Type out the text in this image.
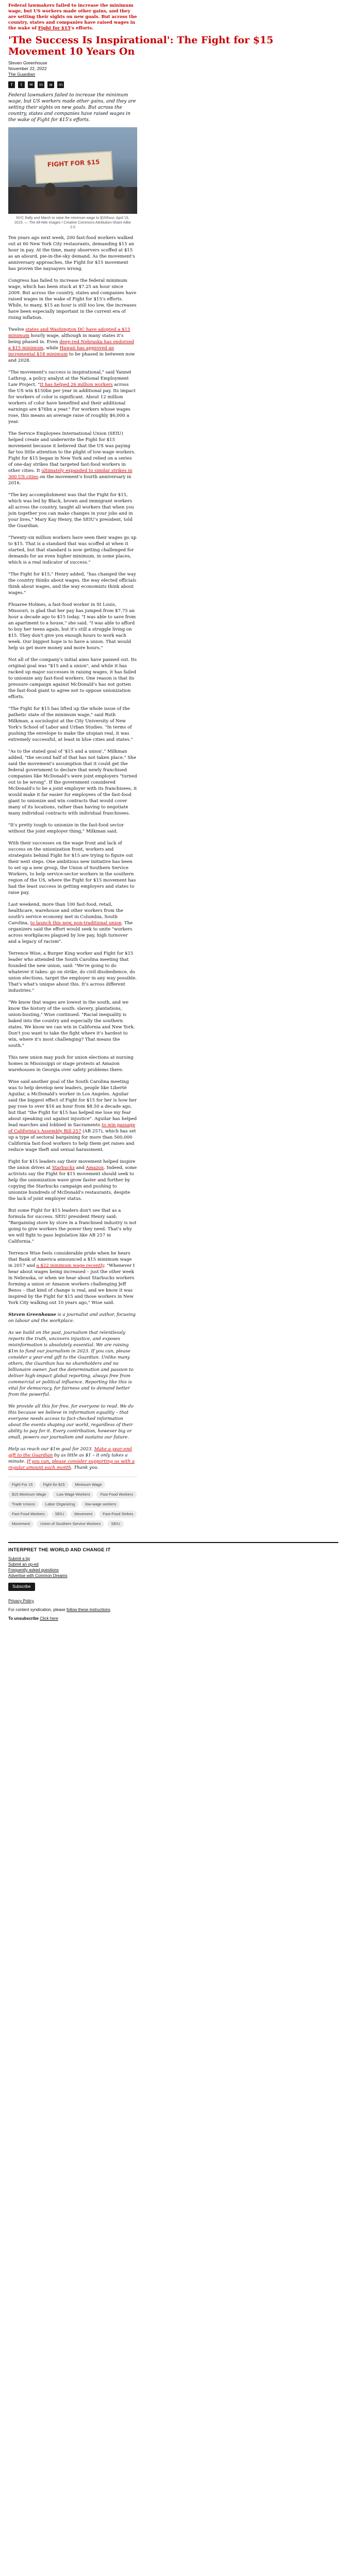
Federal lawmakers failed to increase the minimum wage, but US workers made other gains, and they are setting their sights on new goals. But across the country, states and companies have raised wages in the wake of Fight for $15's efforts.

'The Success Is Inspirational': The Fight for $15 Movement 10 Years On

Steven Greenhouse

November 22, 2022

The Guardian

f	t	✉	in	w	m

Federal lawmakers failed to increase the minimum wage, but US workers made other gains, and they are setting their sights on new goals. But across the country, states and companies have raised wages in the wake of Fight for $15's efforts.

FIGHT FOR $15

NYC Rally and March to raise the minimum wage to $15/hour, April 15, 2015. — The All-Nite Images / Creative Commons Attribution-Share Alike 2.0

Ten years ago next week, 200 fast-food workers walked out at 60 New York City restaurants, demanding $15 an hour in pay. At the time, many observers scoffed at $15 as an absurd, pie-in-the-sky demand. As the movement's anniversary approaches, the Fight for $15 movement has proven the naysayers wrong.

Congress has failed to increase the federal minimum wage, which has been stuck at $7.25 an hour since 2009. But across the country, states and companies have raised wages in the wake of Fight for $15's efforts. While, to many, $15 an hour is still too low, the increases have been especially important in the current era of rising inflation.

Twelve states and Washington DC have adopted a $15 minimum hourly wage, although in many states it's being phased in. Even deep-red Nebraska has endorsed a $15 minimum, while Hawaii has approved an incremental $18 minimum to be phased in between now and 2028.

"The movement's success is inspirational," said Yannet Lathrop, a policy analyst at the National Employment Law Project. "It has helped 26 million workers across the US win $150bn per year in additional pay. Its impact for workers of color is significant. About 12 million workers of color have benefited and their additional earnings are $76bn a year." For workers whose wages rose, this means an average raise of roughly $6,000 a year.

The Service Employees International Union (SEIU) helped create and underwrite the Fight for $15 movement because it believed that the US was paying far too little attention to the plight of low-wage workers. Fight for $15 began in New York and relied on a series of one-day strikes that targeted fast-food workers in other cities. It ultimately expanded to similar strikes in 300 US cities on the movement's fourth anniversary in 2016.

"The key accomplishment was that the Fight for $15, which was led by Black, brown and immigrant workers all across the country, taught all workers that when you join together you can make changes in your jobs and in your lives," Mary Kay Henry, the SEIU's president, told the Guardian.

"Twenty-six million workers have seen their wages go up to $15. That is a standard that was scoffed at when it started, but that standard is now getting challenged for demands for an even higher minimum, in some places, which is a real indicator of success."

"The Fight for $15," Henry added, "has changed the way the country thinks about wages, the way elected officials think about wages, and the way economists think about wages."

Fhuaree Holmes, a fast-food worker in St Louis, Missouri, is glad that her pay has jumped from $7.75 an hour a decade ago to $15 today. "I was able to save from an apartment to a house," she said. "I was able to afford to buy her teens again, but it's still a struggle living on $15. They don't give you enough hours to work each week. Our biggest hope is to have a union. That would help us get more money and more hours."

Not all of the company's initial aims have panned out. Its original goal was "$15 and a union", and while it has racked up major successes in raising wages, it has failed to unionize any fast-food workers. One reason is that its pressure campaign against McDonald's has not gotten the fast-food giant to agree not to oppose unionization efforts.

"The Fight for $15 has lifted up the whole issue of the pathetic state of the minimum wage," said Ruth Milkman, a sociologist at the City University of New York's School of Labor and Urban Studies. "In terms of pushing the envelope to make the utopian real, it was extremely successful, at least in blue cities and states."

"As to the stated goal of '$15 and a union'," Milkman added, "the second half of that has not taken place." She said the movement's assumption that it could get the federal government to declare that newly franchised companies like McDonald's were joint employers "turned out to be wrong". If the government considered McDonald's to be a joint employer with its franchisees, it would make it far easier for employees of the fast-food giant to unionize and win contracts that would cover many of its locations, rather than having to negotiate many individual contracts with individual franchisees.

"It's pretty tough to unionize in the fast-food sector without the joint employer thing," Milkman said.

With their successes on the wage front and lack of success on the unionization front, workers and strategists behind Fight for $15 are trying to figure out their next steps. One ambitious new initiative has been to set up a new group, the Union of Southern Service Workers, to help service-sector workers in the southern region of the US, where the Fight for $15 movement has had the least success in getting employers and states to raise pay.

Last weekend, more than 100 fast-food, retail, healthcare, warehouse and other workers from the south's service economy met in Columbia, South Carolina, to launch this new, non-traditional union. The organizers said the effort would seek to unite "workers across workplaces plagued by low pay, high turnover and a legacy of racism".

Terrence Wise, a Burger King worker and Fight for $15 leader who attended the South Carolina meeting that founded the new union, said: "We're going to do whatever it takes: go on strike, do civil disobedience, do union elections, target the employer in any way possible. That's what's unique about this. It's across different industries."

"We know that wages are lowest in the south, and we know the history of the south: slavery, plantations, union-busting," Wise continued. "Racial inequality is baked into the country and especially the southern states. We know we can win in California and New York. Don't you want to take the fight where it's hardest to win, where it's most challenging? That means the south."

This new union may push for union elections at nursing homes in Mississippi or stage protests at Amazon warehouses in Georgia over safety problems there.

Wise said another goal of the South Carolina meeting was to help develop new leaders, people like Liberté Aguilar, a McDonald's worker in Los Angeles. Aguilar said the biggest effect of Fight for $15 for her is how her pay rose to over $16 an hour from $8.50 a decade ago, but that "the Fight for $15 has helped me lose my fear about speaking out against injustice". Aguilar has helped lead marches and lobbied in Sacramento to win passage of California's Assembly Bill 257 (AB 257), which has set up a type of sectoral bargaining for more than 500,000 California fast-food workers to help them get raises and reduce wage theft and sexual harassment.

Fight for $15 leaders say their movement helped inspire the union drives at Starbucks and Amazon. Indeed, some activists say the Fight for $15 movement should seek to help the unionization wave grow faster and further by copying the Starbucks campaign and pushing to unionize hundreds of McDonald's restaurants, despite the lack of joint employer status.

But some Fight for $15 leaders don't see that as a formula for success. SEIU president Henry said: "Bargaining store by store in a franchised industry is not going to give workers the power they need. That's why we will fight to pass legislation like AB 257 in California."

Terrence Wise feels considerable pride when he hears that Bank of America announced a $15 minimum wage in 2017 and a $22 minimum wage recently. "Whenever I hear about wages being increased – just the other week in Nebraska, or when we hear about Starbucks workers forming a union or Amazon workers challenging Jeff Bezos – that kind of change is real, and we know it was inspired by the Fight for $15 and those workers in New York City walking out 10 years ago," Wise said.

Steven Greenhouse is a journalist and author, focusing on labour and the workplace.

As we build on the past, journalism that relentlessly reports the truth, uncovers injustice, and exposes misinformation is absolutely essential. We are raising $1m to fund our journalism in 2023. If you can, please consider a year-end gift to the Guardian. Unlike many others, the Guardian has no shareholders and no billionaire owner. Just the determination and passion to deliver high-impact global reporting, always free from commercial or political influence. Reporting like this is vital for democracy, for fairness and to demand better from the powerful.

We provide all this for free, for everyone to read. We do this because we believe in information equality – that everyone needs access to fact-checked information about the events shaping our world, regardless of their ability to pay for it. Every contribution, however big or small, powers our journalism and sustains our future.

Help us reach our $1m goal for 2023. Make a year-end gift to the Guardian by as little as $1 – it only takes a minute. If you can, please consider supporting us with a regular amount each month. Thank you.

Fight For 15	Fight for $15	Minimum Wage
$15 Minimum Wage	Low Wage Workers	Fast Food Workers
Trade Unions	Labor Organizing	low-wage workers
Fast Food Workers	SEIU	Movement	Fast-Food Strikes
Movement	Union of Southern Service Workers	SEIU
INTERPRET THE WORLD AND CHANGE IT
Submit a tip
Submit an op-ed
Frequently asked questions
Advertise with Common Dreams
Subscribe
Privacy Policy
For content syndication, please follow these instructions
To unsubscribe Click here
